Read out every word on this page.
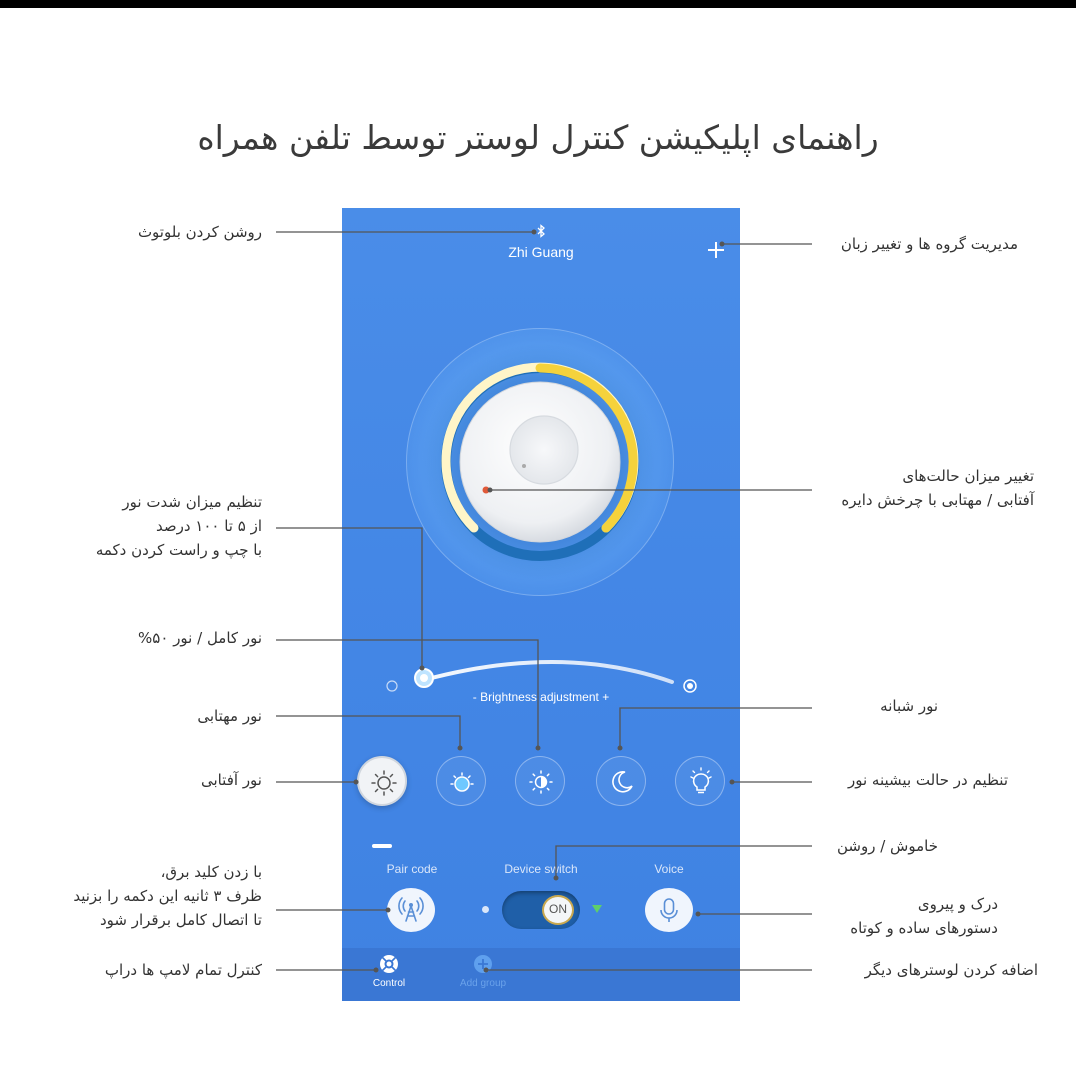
راهنمای اپلیکیشن کنترل لوستر توسط تلفن همراه
Zhi Guang
- Brightness adjustment +
Pair code	Device switch	Voice
ON
Control	Add group
روشن کردن بلوتوث
مدیریت گروه ها و تغییر زبان
تغییر میزان حالت‌های
آفتابی / مهتابی با چرخش دایره
تنظیم میزان شدت نور
از ۵ تا ۱۰۰ درصد
با چپ و راست کردن دکمه
نور کامل / نور ۵۰%
نور مهتابی
نور شبانه
نور آفتابی	تنظیم در حالت بیشینه نور
خاموش / روشن
با زدن کلید برق،
ظرف ۳ ثانیه این دکمه را بزنید
تا اتصال کامل برقرار شود
درک و پیروی
دستورهای ساده و کوتاه
کنترل تمام لامپ ها دراپ	اضافه کردن لوسترهای دیگر
